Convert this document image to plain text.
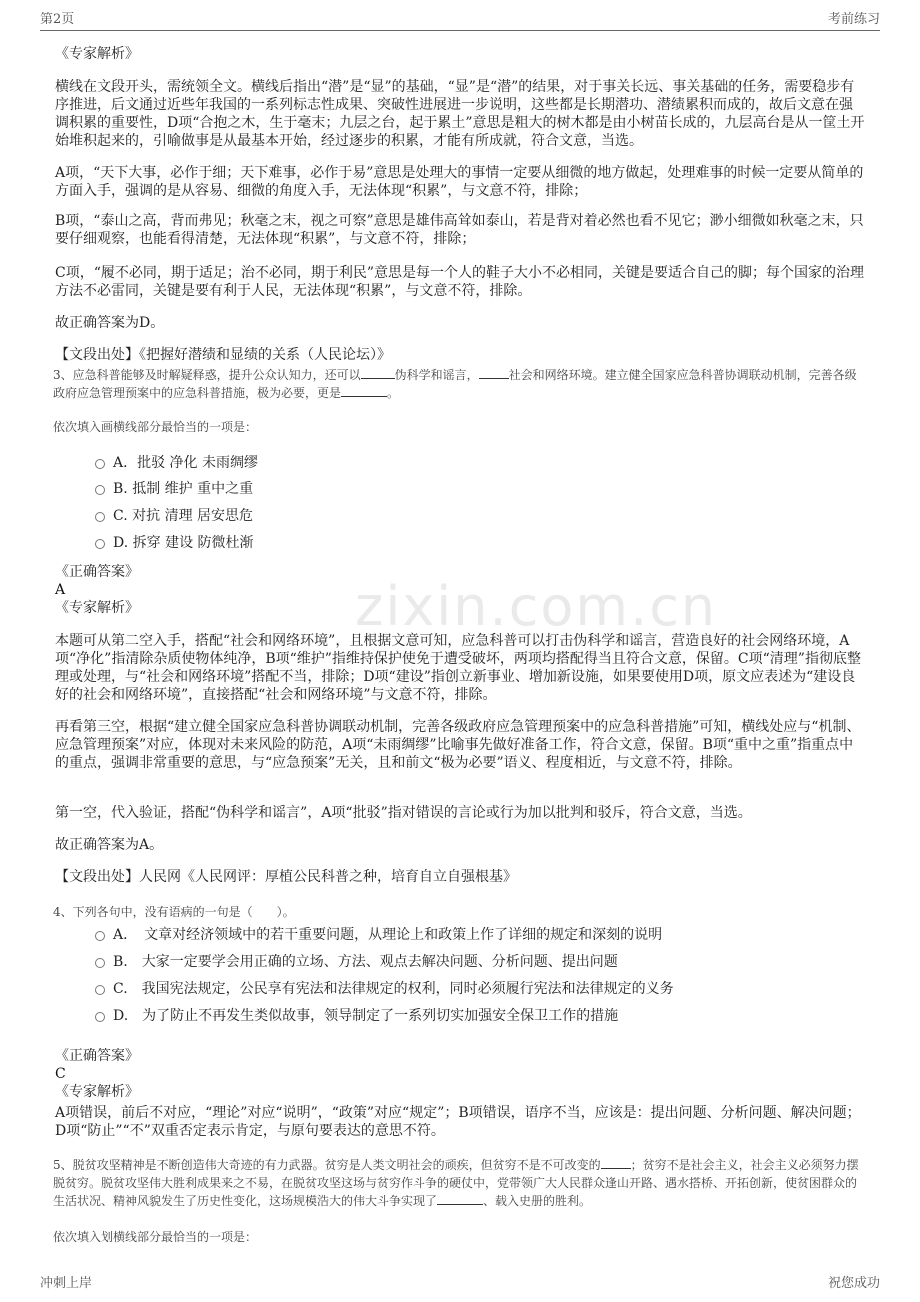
第2页	考前练习
zixin.com.cn
《专家解析》
横线在文段开头，需统领全文。横线后指出“潜”是“显”的基础，“显”是“潜”的结果，对于事关长远、事关基础的任务，需要稳步有序推进，后文通过近些年我国的一系列标志性成果、突破性进展进一步说明，这些都是长期潜功、潜绩累积而成的，故后文意在强调积累的重要性，D项“合抱之木，生于毫末；九层之台，起于累土”意思是粗大的树木都是由小树苗长成的，九层高台是从一筐土开始堆积起来的，引喻做事是从最基本开始，经过逐步的积累，才能有所成就，符合文意，当选。
A项，“天下大事，必作于细；天下难事，必作于易”意思是处理大的事情一定要从细微的地方做起，处理难事的时候一定要从简单的方面入手，强调的是从容易、细微的角度入手，无法体现“积累”，与文意不符，排除；
B项，“泰山之高，背而弗见；秋毫之末，视之可察”意思是雄伟高耸如泰山，若是背对着必然也看不见它；渺小细微如秋毫之末，只要仔细观察，也能看得清楚，无法体现“积累”，与文意不符，排除；
C项，“履不必同，期于适足；治不必同，期于利民”意思是每一个人的鞋子大小不必相同，关键是要适合自己的脚；每个国家的治理方法不必雷同，关键是要有利于人民，无法体现“积累”，与文意不符，排除。
故正确答案为D。
【文段出处】《把握好潜绩和显绩的关系（人民论坛）》
3、应急科普能够及时解疑释惑，提升公众认知力，还可以	伪科学和谣言，	社会和网络环境。建立健全国家应急科普协调联动机制，完善各级政府应急管理预案中的应急科普措施，极为必要，更是	。
依次填入画横线部分最恰当的一项是：
A．批驳 净化 未雨绸缪
B. 抵制 维护 重中之重
C. 对抗 清理 居安思危
D. 拆穿 建设 防微杜渐
《正确答案》
A
《专家解析》
本题可从第二空入手，搭配“社会和网络环境”，且根据文意可知，应急科普可以打击伪科学和谣言，营造良好的社会网络环境，A项“净化”指清除杂质使物体纯净，B项“维护”指维持保护使免于遭受破坏，两项均搭配得当且符合文意，保留。C项“清理”指彻底整理或处理，与“社会和网络环境”搭配不当，排除；D项“建设”指创立新事业、增加新设施，如果要使用D项，原文应表述为“建设良好的社会和网络环境”，直接搭配“社会和网络环境”与文意不符，排除。
再看第三空，根据“建立健全国家应急科普协调联动机制，完善各级政府应急管理预案中的应急科普措施”可知，横线处应与“机制、应急管理预案”对应，体现对未来风险的防范，A项“未雨绸缪”比喻事先做好准备工作，符合文意，保留。B项“重中之重”指重点中的重点，强调非常重要的意思，与“应急预案”无关，且和前文“极为必要”语义、程度相近，与文意不符，排除。
第一空，代入验证，搭配“伪科学和谣言”，A项“批驳”指对错误的言论或行为加以批判和驳斥，符合文意，当选。
故正确答案为A。
【文段出处】人民网《人民网评：厚植公民科普之种，培育自立自强根基》
4、下列各句中，没有语病的一句是（　　）。
A．　文章对经济领域中的若干重要问题，从理论上和政策上作了详细的规定和深刻的说明
B.　大家一定要学会用正确的立场、方法、观点去解决问题、分析问题、提出问题
C.　我国宪法规定，公民享有宪法和法律规定的权利，同时必须履行宪法和法律规定的义务
D.　为了防止不再发生类似故事，领导制定了一系列切实加强安全保卫工作的措施
《正确答案》
C
《专家解析》
A项错误，前后不对应，“理论”对应“说明”，“政策”对应“规定”；B项错误，语序不当，应该是：提出问题、分析问题、解决问题；D项“防止”“不”双重否定表示肯定，与原句要表达的意思不符。
5、脱贫攻坚精神是不断创造伟大奇迹的有力武器。贫穷是人类文明社会的顽疾，但贫穷不是不可改变的	；贫穷不是社会主义，社会主义必须努力摆脱贫穷。脱贫攻坚伟大胜利成果来之不易，在脱贫攻坚这场与贫穷作斗争的硬仗中，党带领广大人民群众逢山开路、遇水搭桥、开拓创新，使贫困群众的生活状况、精神风貌发生了历史性变化，这场规模浩大的伟大斗争实现了	、载入史册的胜利。
依次填入划横线部分最恰当的一项是：
冲刺上岸	祝您成功
